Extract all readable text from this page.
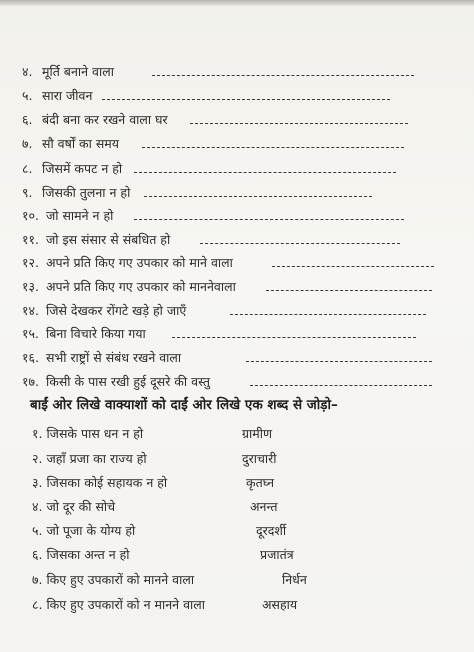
४. मूर्ति बनाने वाला
५. सारा जीवन
६. बंदी बना कर रखने वाला घर
७. सौ वर्षों का समय
८. जिसमें कपट न हो
९. जिसकी तुलना न हो
१०. जो सामने न हो
११. जो इस संसार से संबधित हो
१२. अपने प्रति किए गए उपकार को माने वाला
१३. अपने प्रति किए गए उपकार को माननेवाला
१४. जिसे देखकर रोंगटे खड़े हो जाएँ
१५. बिना विचारे किया गया
१६. सभी राष्ट्रों से संबंध रखने वाला
१७. किसी के पास रखी हुई दूसरे की वस्तु
बाईं ओर लिखे वाक्याशों को दाईं ओर लिखे एक शब्द से जोड़ो–
१. जिसके पास धन न हो
२. जहाँ प्रजा का राज्य हो
३. जिसका कोई सहायक न हो
४. जो दूर की सोचे
५. जो पूजा के योग्य हो
६. जिसका अन्त न हो
७. किए हुए उपकारों को मानने वाला
८. किए हुए उपकारों को न मानने वाला
ग्रामीण
दुराचारी
कृतघ्न
अनन्त
दूरदर्शी
प्रजातंत्र
निर्धन
असहाय
